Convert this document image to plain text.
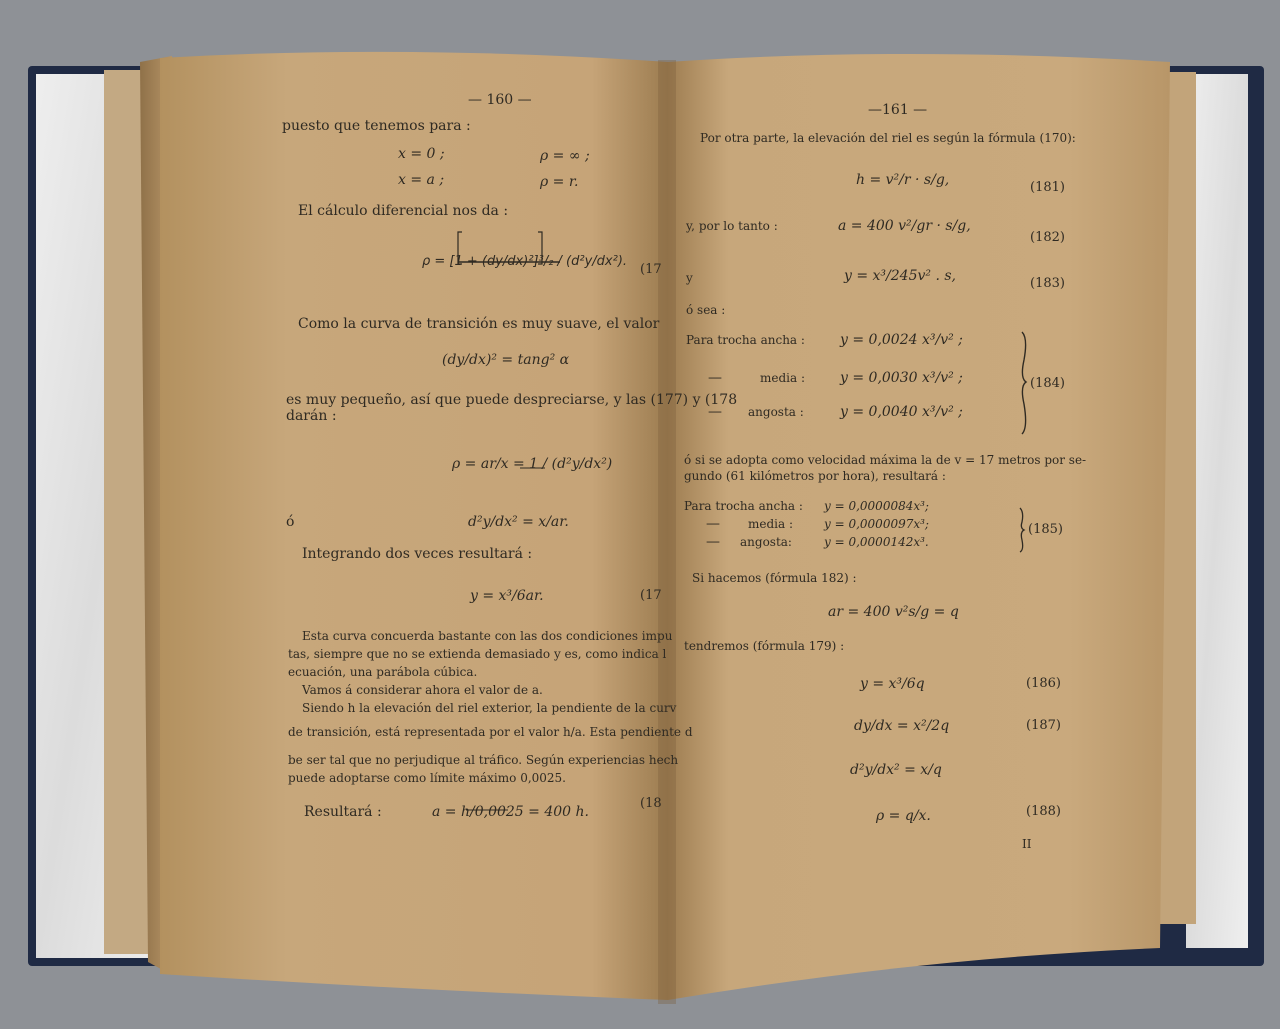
— 160 —
puesto que tenemos para :
x = 0 ;	ρ = ∞ ;
x = a ;	ρ = r.
El cálculo diferencial nos da :
ρ = [1 + (dy/dx)²]³/₂ / (d²y/dx²).
(17
Como la curva de transición es muy suave, el valor
(dy/dx)² = tang² α
es muy pequeño, así que puede despreciarse, y las (177) y (178
darán :
ρ = ar/x = 1 / (d²y/dx²)
ó	d²y/dx² = x/ar.
Integrando dos veces resultará :
y = x³/6ar.	(17
Esta curva concuerda bastante con las dos condiciones impu
tas, siempre que no se extienda demasiado y es, como indica l
ecuación, una parábola cúbica.
Vamos á considerar ahora el valor de a.
Siendo h la elevación del riel exterior, la pendiente de la curv
de transición, está representada por el valor h/a. Esta pendiente d
be ser tal que no perjudique al tráfico. Según experiencias hech
puede adoptarse como límite máximo 0,0025.
Resultará :	a = h/0,0025 = 400 h.
(18
—161 —
Por otra parte, la elevación del riel es según la fórmula (170):
h = v²/r · s/g,	(181)
y, por lo tanto :	a = 400 v²/gr · s/g,
(182)
y	y = x³/245v² . s,	(183)
ó sea :
Para trocha ancha :	y = 0,0024 x³/v² ;
—	media : y = 0,0030 x³/v² ;
— angosta :	y = 0,0040 x³/v² ;
(184)
ó si se adopta como velocidad máxima la de v = 17 metros por se-
gundo (61 kilómetros por hora), resultará :
Para trocha ancha : y = 0,0000084x³;
— media :	y = 0,0000097x³;
— angosta:	y = 0,0000142x³.
(185)
Si hacemos (fórmula 182) :
ar = 400 v²s/g = q
tendremos (fórmula 179) :
y = x³/6q	(186)
dy/dx = x²/2q	(187)
d²y/dx² = x/q
ρ = q/x.	(188)
II
